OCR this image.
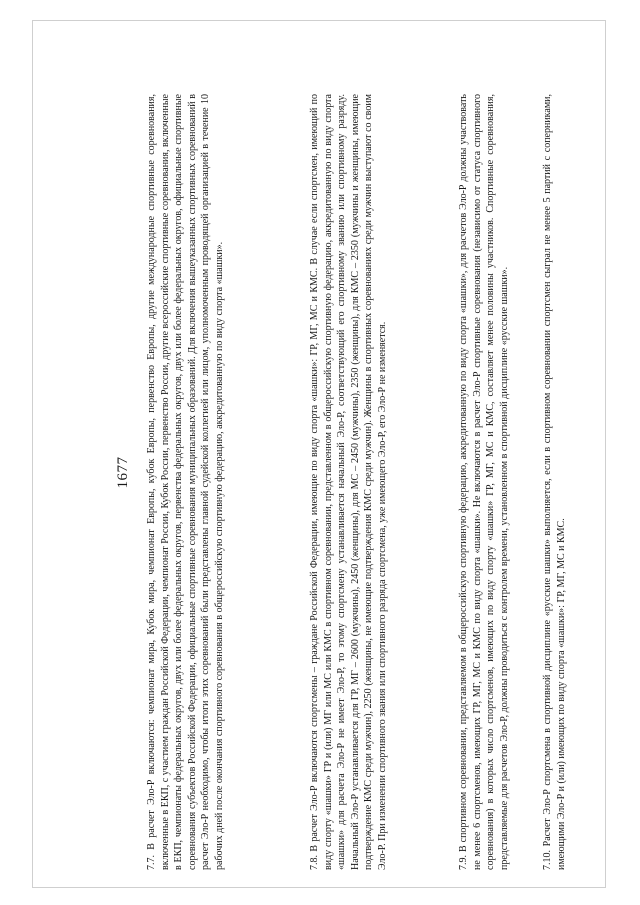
1677

7.7. В расчет Эло-Р включаются: чемпионат мира, Кубок мира, чемпионат Европы, кубок Европы, первенство Европы, другие международные спортивные соревнования, включенные в ЕКП, с участием граждан Российской Федерации, чемпионат России, Кубок России, первенство России, другие всероссийские спортивные соревнования, включенные в ЕКП, чемпионаты федеральных округов, двух или более федеральных округов, первенства федеральных округов, двух или более федеральных округов, официальные спортивные соревнования субъектов Российской Федерации, официальные спортивные соревнования муниципальных образований. Для включения вышеуказанных спортивных соревнований в расчет Эло-Р необходимо, чтобы итоги этих соревнований были представлены главной судейской коллегией или лицом, уполномоченным проводящей организацией в течение 10 рабочих дней после окончания спортивного соревнования в общероссийскую спортивную федерацию, аккредитованную по виду спорта «шашки».	7.8. В расчет Эло-Р включаются спортсмены – граждане Российской Федерации, имеющие по виду спорта «шашки»: ГР, МГ, МС и КМС. В случае если спортсмен, имеющий по виду спорту «шашки» ГР и (или) МГ или МС или КМС в спортивном соревновании, представленном в общероссийскую спортивную федерацию, аккредитованную по виду спорта «шашки» для расчета Эло-Р не имеет Эло-Р, то этому спортсмену устанавливается начальный Эло-Р, соответствующий его спортивному званию или спортивному разряду. Начальный Эло-Р устанавливается для ГР, МГ – 2600 (мужчины), 2450 (женщины), для МС – 2450 (мужчины), 2350 (женщины), для КМС – 2350 (мужчины и женщины, имеющие подтверждение КМС среди мужчин), 2250 (женщины, не имеющие подтверждения КМС среди мужчин). Женщины в спортивных соревнованиях среди мужчин выступают со своим Эло-Р. При изменении спортивного звания или спортивного разряда спортсмена, уже имеющего Эло-Р, его Эло-Р не изменяется.	7.9. В спортивном соревновании, представляемом в общероссийскую спортивную федерацию, аккредитованную по виду спорта «шашки», для расчетов Эло-Р должны участвовать не менее 6 спортсменов, имеющих ГР, МГ, МС и КМС по виду спорта «шашки». Не включаются в расчет Эло-Р спортивные соревнования (независимо от статуса спортивного соревнования) в которых число спортсменов, имеющих по виду спорту «шашки» ГР, МГ, МС и КМС, составляет менее половины участников. Спортивные соревнования, представляемые для расчетов Эло-Р, должны проводиться с контролем времени, установленном в спортивной дисциплине «русские шашки».	7.10. Расчет Эло-Р спортсмена в спортивной дисциплине «русские шашки» выполняется, если в спортивном соревновании спортсмен сыграл не менее 5 партий с соперниками, имеющими Эло-Р и (или) имеющих по виду спорта «шашки»: ГР, МГ, МС и КМС.
